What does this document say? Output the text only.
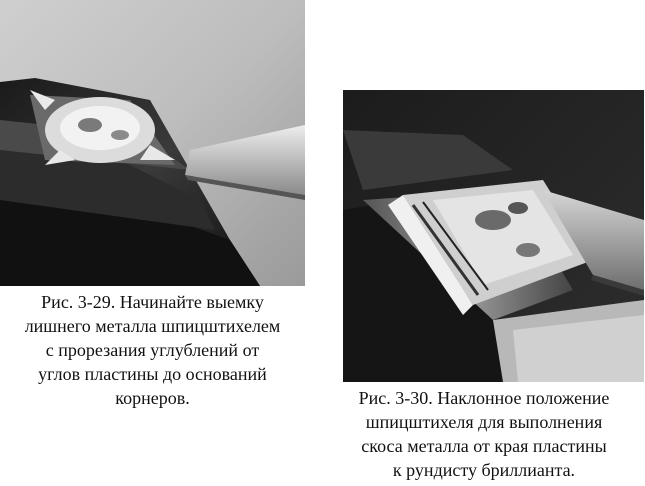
Рис. 3-29. Начинайте выемку
лишнего металла шпицштихелем
с прорезания углублений от
углов пластины до оснований
корнеров.	Рис. 3-30. Наклонное положение
шпицштихеля для выполнения
скоса металла от края пластины
к рундисту бриллианта.
